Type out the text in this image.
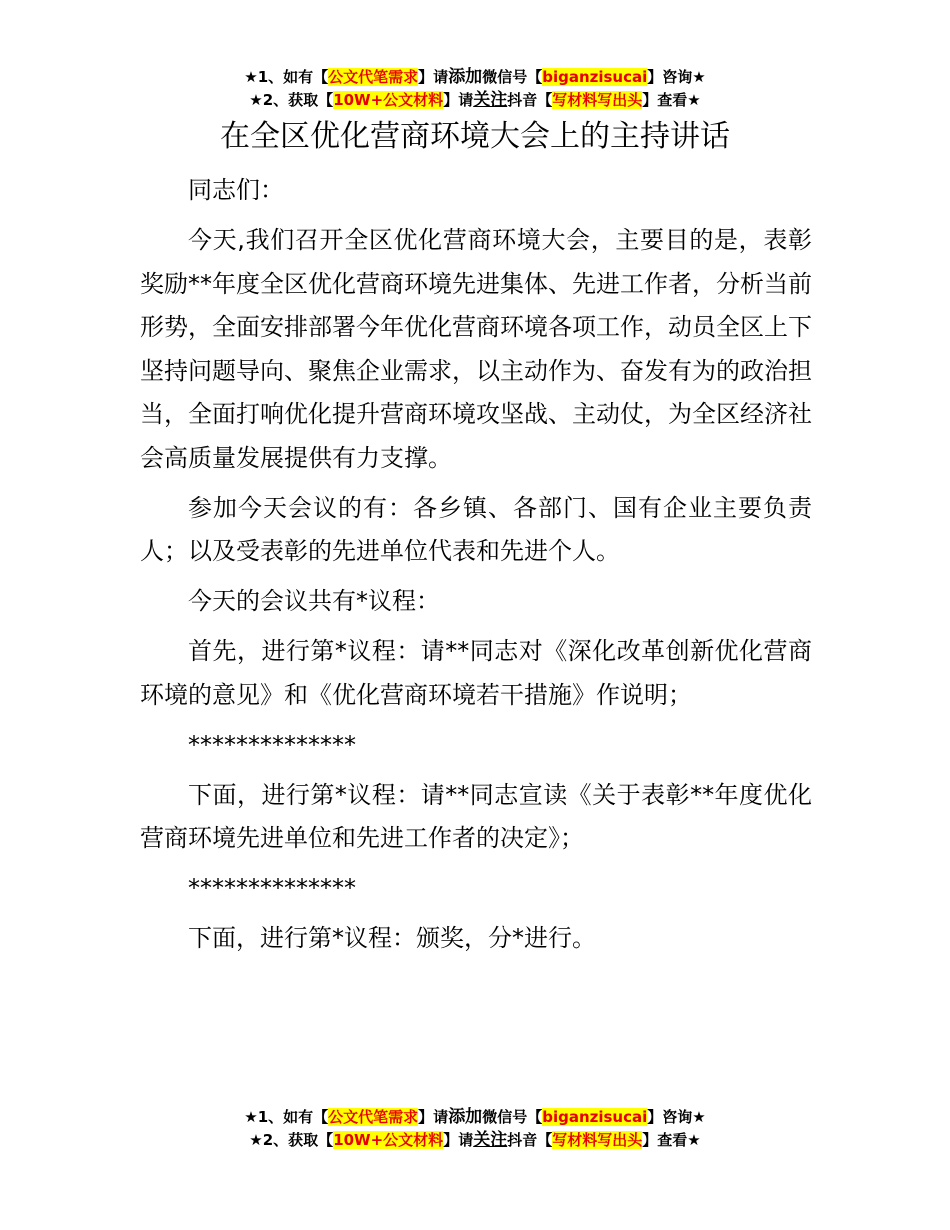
★1、如有【公文代笔需求】请添加微信号【biganzisucai】咨询★
★2、获取【10W+公文材料】请关注抖音【写材料写出头】查看★
在全区优化营商环境大会上的主持讲话

同志们：

今天,我们召开全区优化营商环境大会，主要目的是，表彰奖励**年度全区优化营商环境先进集体、先进工作者，分析当前形势，全面安排部署今年优化营商环境各项工作，动员全区上下坚持问题导向、聚焦企业需求，以主动作为、奋发有为的政治担当，全面打响优化提升营商环境攻坚战、主动仗，为全区经济社会高质量发展提供有力支撑。

参加今天会议的有：各乡镇、各部门、国有企业主要负责人；以及受表彰的先进单位代表和先进个人。

今天的会议共有*议程：

首先，进行第*议程：请**同志对《深化改革创新优化营商环境的意见》和《优化营商环境若干措施》作说明；

**************

下面，进行第*议程：请**同志宣读《关于表彰**年度优化营商环境先进单位和先进工作者的决定》；

**************

下面，进行第*议程：颁奖，分*进行。

★1、如有【公文代笔需求】请添加微信号【biganzisucai】咨询★
★2、获取【10W+公文材料】请关注抖音【写材料写出头】查看★
